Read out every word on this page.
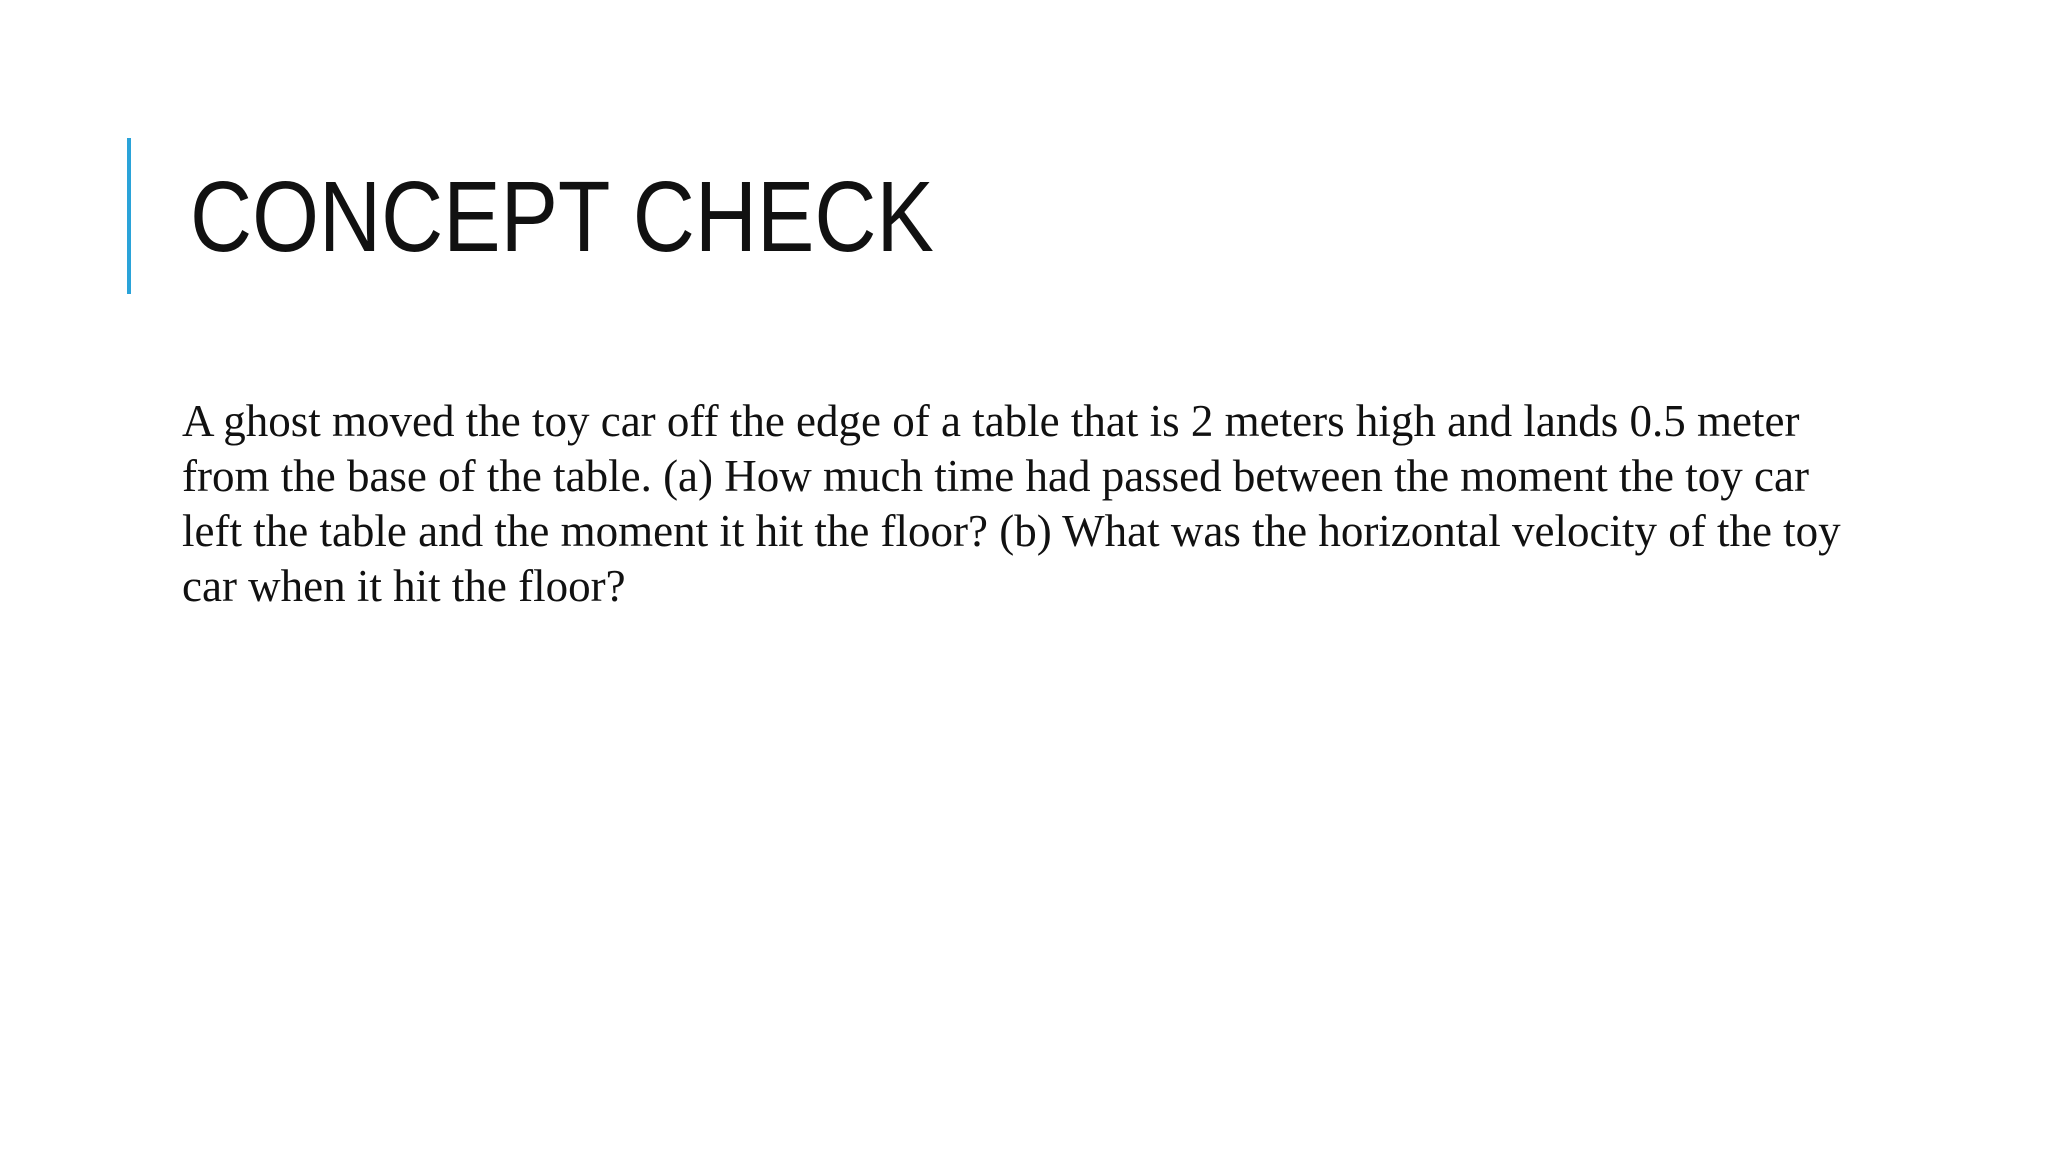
CONCEPT CHECK

A ghost moved the toy car off the edge of a table that is 2 meters high and lands 0.5 meter from the base of the table. (a) How much time had passed between the moment the toy car left the table and the moment it hit the floor? (b) What was the horizontal velocity of the toy car when it hit the floor?
